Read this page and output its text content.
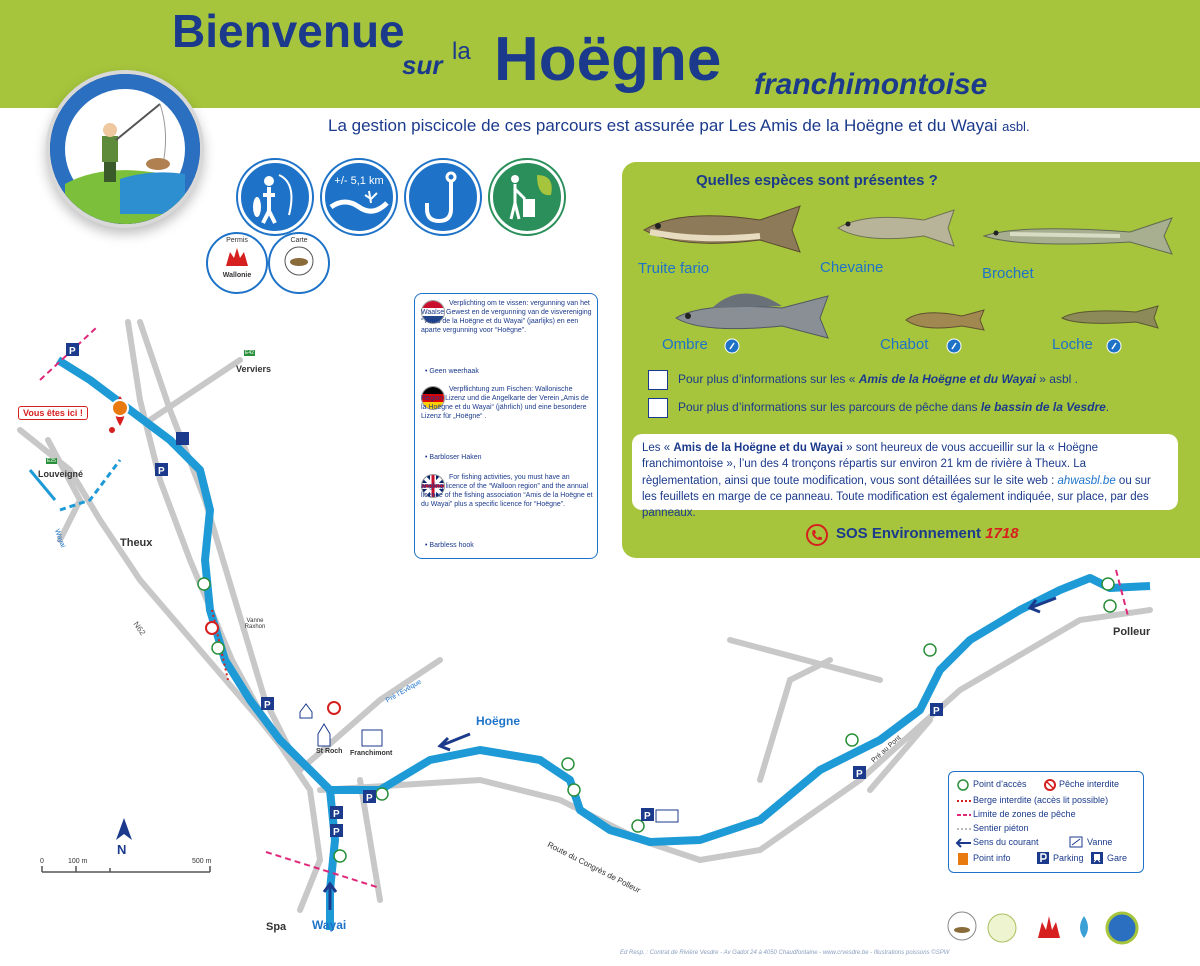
Bienvenue
sur la Hoëgne franchimontoise
La gestion piscicole de ces parcours est assurée par Les Amis de la Hoëgne et du Wayai asbl.
+/- 5,1 km
Permis
Wallonie
Carte
Quelles espèces sont présentes ?
Truite fario	Chevaine	Brochet
Ombre	Chabot	Loche
Pour plus d’informations sur les « Amis de la Hoëgne et du Wayai » asbl .
Pour plus d’informations sur les parcours de pêche dans le bassin de la Vesdre.
Les « Amis de la Hoëgne et du Wayai » sont heureux de vous accueillir sur la « Hoëgne franchimontoise », l’un des 4 tronçons répartis sur environ 21 km de rivière à Theux. La règlementation, ainsi que toute modification, vous sont détaillées sur le site web : ahwasbl.be ou sur les feuillets en marge de ce panneau. Toute modification est également indiquée, sur place, par des panneaux.
SOS Environnement 1718
Verplichting om te vissen: vergunning van het Waalse Gewest en de vergunning van de visvereniging “ Amis de la Hoëgne et du Wayai” (jaarlijks) en een aparte vergunning voor “Hoëgne”.
• Geen weerhaak
Verpflichtung zum Fischen: Wallonische Region Lizenz und die Angelkarte der Verein „Amis de la Hoëgne et du Wayai“ (jährlich) und eine besondere Lizenz für „Hoëgne“ .
• Barbloser Haken
For fishing activities, you must have an angling licence of the “Walloon region” and the annual licence of the fishing association “Amis de la Hoëgne et du Wayai” plus a specific licence for “Hoëgne”.
• Barbless hook
P
P
P
P
P
P
P
P
P
Vous êtes ici !
E42
Verviers
E25
Louveigné
Theux
Wayai
N62	Vanne Raxhon
Pré l’Evêque
St Roch Franchimont
Hoëgne
Route du Congrès de Polleur
Pré au Pont
Polleur
Spa Wayai
N
0	100 m	500 m
Point d’accès	Pêche interdite
Berge interdite (accès lit possible)
Limite de zones de pêche
Sentier piéton
Sens du courant	Vanne
Point info	Parking	Gare
Ed Resp. : Contrat de Rivière Vesdre - Av Gadot 24 à 4050 Chaudfontaine - www.crvesdre.be - Illustrations poissons ©SPW
